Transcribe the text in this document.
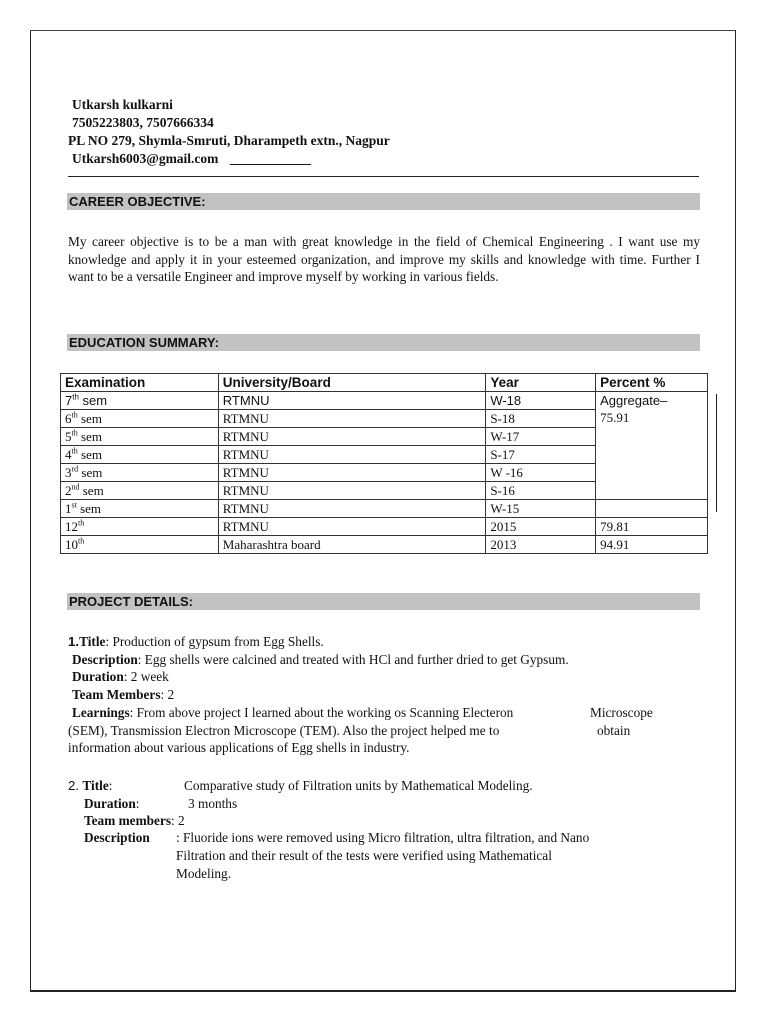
Utkarsh kulkarni
7505223803, 7507666334
PL NO 279, Shymla-Smruti, Dharampeth extn., Nagpur
Utkarsh6003@gmail.com ____________
CAREER OBJECTIVE:
My career objective is to be a man with great knowledge in the field of Chemical Engineering . I want use my knowledge and apply it in your esteemed organization, and improve my skills and knowledge with time. Further I want to be a versatile Engineer and improve myself by working in various fields.
EDUCATION SUMMARY:
Examination	University/Board	Year	Percent %
7th sem	RTMNU	W-18	Aggregate–
75.91

6th sem	RTMNU	S-18	
5th sem	RTMNU	W-17	
4th sem	RTMNU	S-17	
3rd sem	RTMNU	W -16	
2nd sem	RTMNU	S-16	
1st sem	RTMNU	W-15	
12th	RTMNU	2015	79.81
10th	Maharashtra board	2013	94.91
PROJECT DETAILS:
1.Title: Production of gypsum from Egg Shells.
Description: Egg shells were calcined and treated with HCl and further dried to get Gypsum.
Duration: 2 week
Team Members: 2
Learnings: From above project I learned about the working os Scanning Electeron	Microscope
(SEM), Transmission Electron Microscope (TEM). Also the project helped me to	obtain
information about various applications of Egg shells in industry.
2. Title:	Comparative study of Filtration units by Mathematical Modeling.
Duration:	3 months
Team members: 2
Description : Fluoride ions were removed using Micro filtration, ultra filtration, and Nano
Filtration and their result of the tests were verified using Mathematical
Modeling.
